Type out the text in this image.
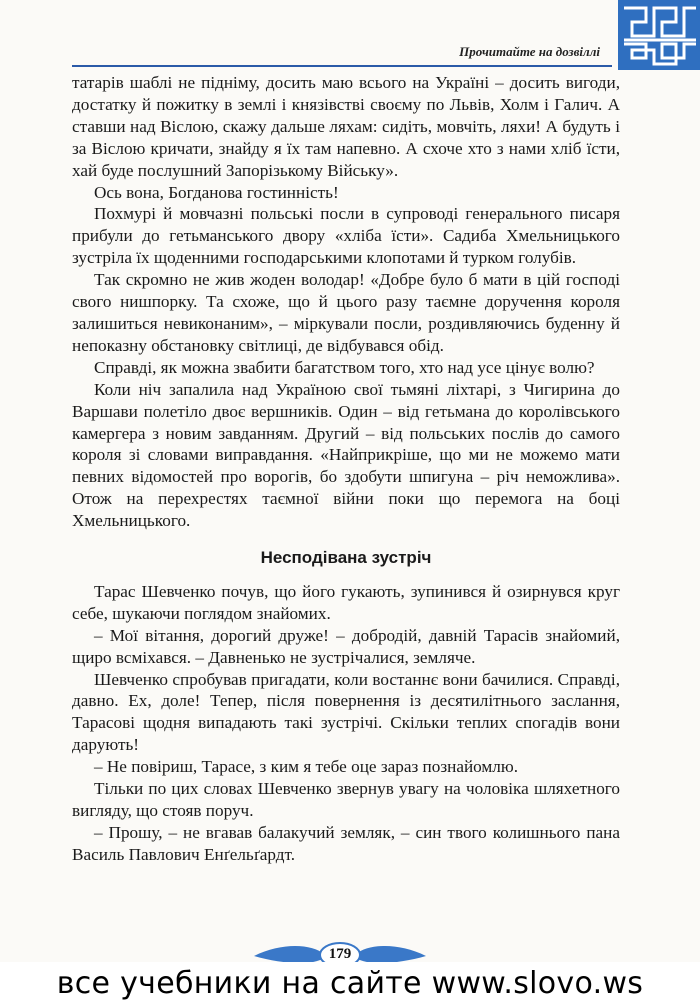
Прочитайте на дозвіллі

татарів шаблі не підніму, досить маю всього на Україні – досить вигоди, достатку й пожитку в землі і князівстві своєму по Львів, Холм і Галич. А ставши над Віслою, скажу дальше ляхам: сидіть, мовчіть, ляхи! А будуть і за Віслою кричати, знайду я їх там напевно. А схоче хто з нами хліб їсти, хай буде послушний Запорізькому Війську».

Ось вона, Богданова гостинність!

Похмурі й мовчазні польські посли в супроводі генерального писаря прибули до гетьманського двору «хліба їсти». Садиба Хмельницького зустріла їх щоденними господарськими клопотами й турком голубів.

Так скромно не жив жоден володар! «Добре було б мати в цій господі свого нишпорку. Та схоже, що й цього разу таємне доручення короля залишиться невиконаним», – міркували посли, роздивляючись буденну й непоказну обстановку світлиці, де відбувався обід.

Справді, як можна звабити багатством того, хто над усе цінує волю?

Коли ніч запалила над Україною свої тьмяні ліхтарі, з Чигирина до Варшави полетіло двоє вершників. Один – від гетьмана до королівського камергера з новим завданням. Другий – від польських послів до самого короля зі словами виправдання. «Найприкріше, що ми не можемо мати певних відомостей про ворогів, бо здобути шпигуна – річ неможлива». Отож на перехрестях таємної війни поки що перемога на боці Хмельницького.

Несподівана зустріч

Тарас Шевченко почув, що його гукають, зупинився й озирнувся круг себе, шукаючи поглядом знайомих.

– Мої вітання, дорогий друже! – добродій, давній Тарасів знайомий, щиро всміхався. – Давненько не зустрічалися, земляче.

Шевченко спробував пригадати, коли востаннє вони бачилися. Справді, давно. Ех, доле! Тепер, після повернення із десятилітнього заслання, Тарасові щодня випадають такі зустрічі. Скільки теплих спогадів вони дарують!

– Не повіриш, Тарасе, з ким я тебе оце зараз познайомлю.

Тільки по цих словах Шевченко звернув увагу на чоловіка шляхетного вигляду, що стояв поруч.

– Прошу, – не вгавав балакучий земляк, – син твого колишнього пана Василь Павлович Енґельґардт.

179
все учебники на сайте www.slovo.ws
